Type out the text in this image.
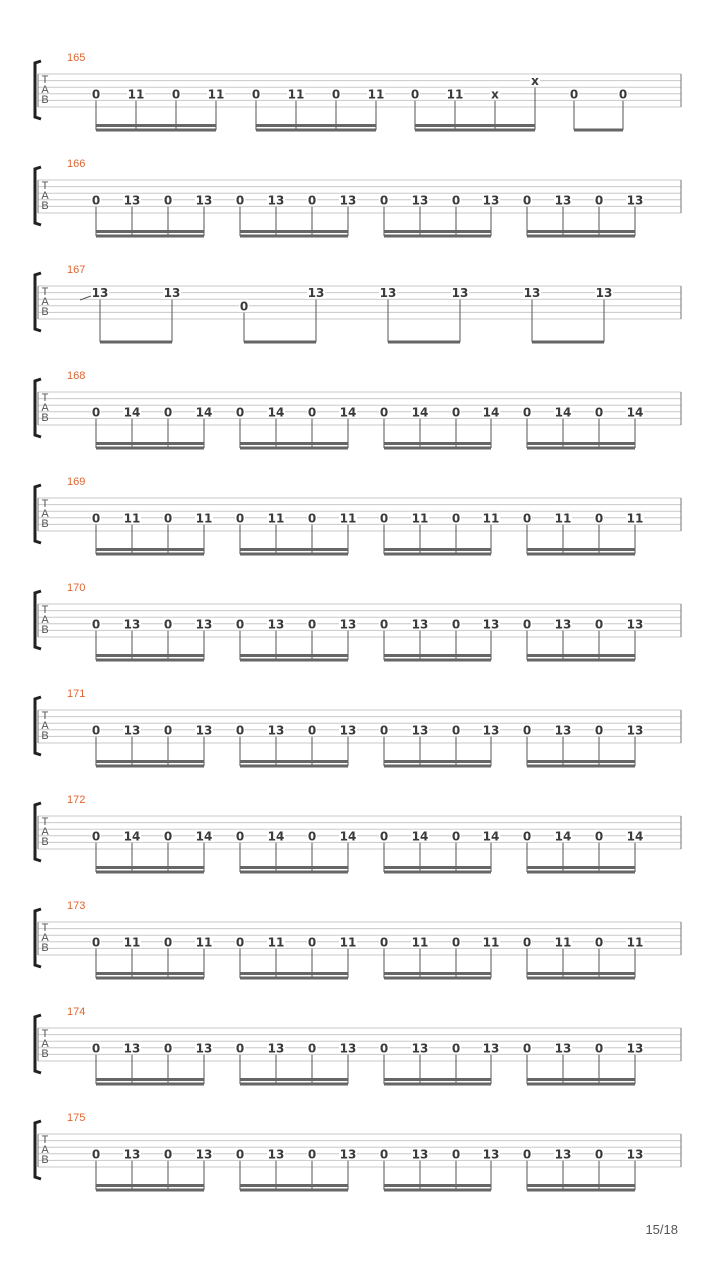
T
A
B
165
0 11 0 11 0 11 0 11 0 11 x
x
0	0
T
A
B
166
0 13 0 13 0 13 0 13 0 13 0 13 0 13 0 13
T
A
B
167
13	13
0
13	13	13	13	13
T
A
B
168
0 14 0 14 0 14 0 14 0 14 0 14 0 14 0 14
T
A
B
169
0 11 0 11 0 11 0 11 0 11 0 11 0 11 0 11
T
A
B
170
0 13 0 13 0 13 0 13 0 13 0 13 0 13 0 13
T
A
B
171
0 13 0 13 0 13 0 13 0 13 0 13 0 13 0 13
T
A
B
172
0 14 0 14 0 14 0 14 0 14 0 14 0 14 0 14
T
A
B
173
0 11 0 11 0 11 0 11 0 11 0 11 0 11 0 11
T
A
B
174
0 13 0 13 0 13 0 13 0 13 0 13 0 13 0 13
T
A
B
175
0 13 0 13 0 13 0 13 0 13 0 13 0 13 0 13
15/18
